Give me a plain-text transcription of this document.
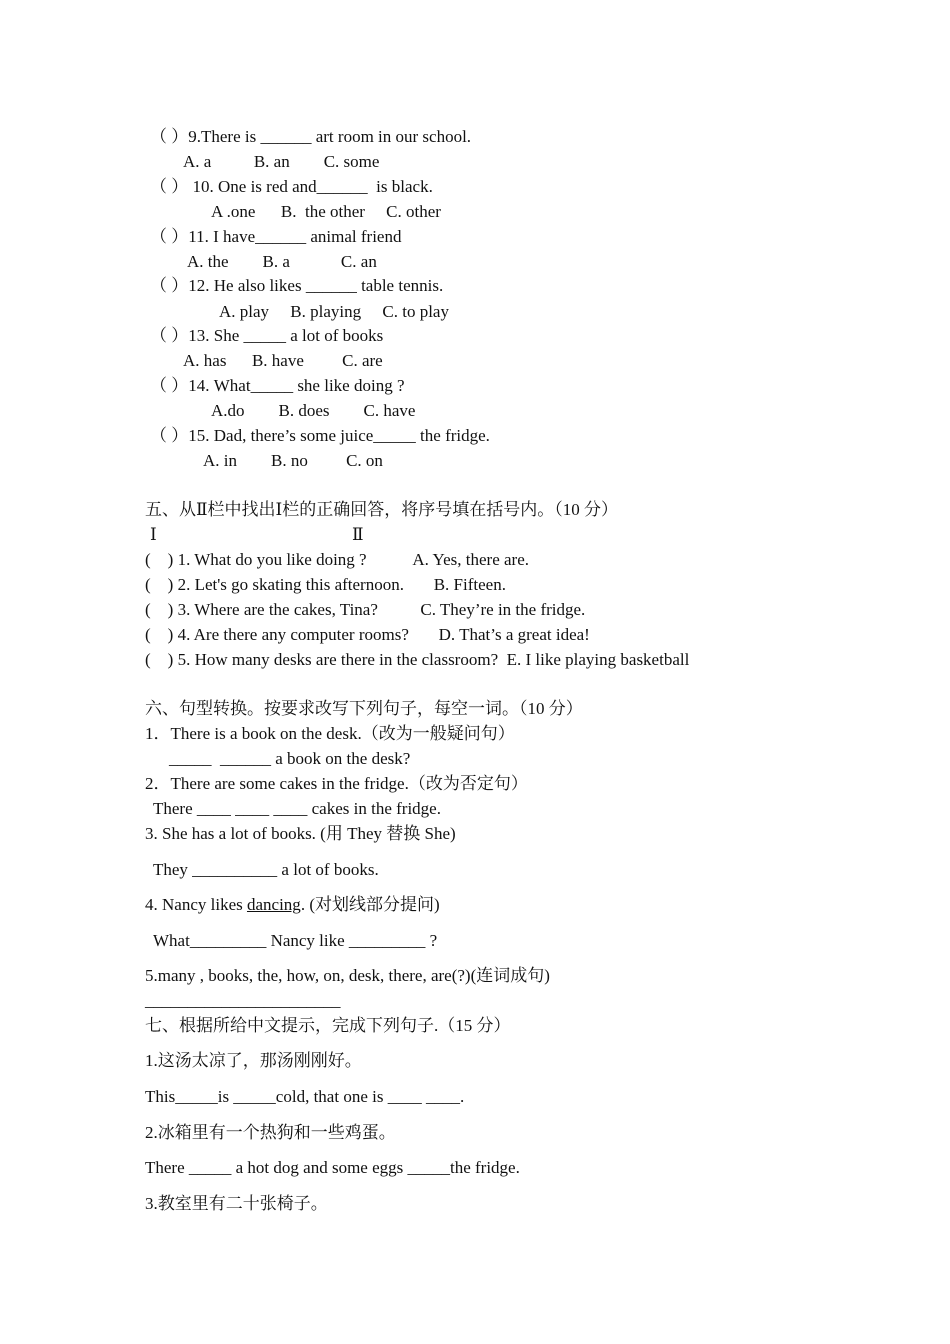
（ ）9.There is ______ art room in our school.
A. a          B. an        C. some
（ ） 10. One is red and______  is black.
A .one      B.  the other     C. other
（ ）11. I have______ animal friend
A. the        B. a            C. an
（ ）12. He also likes ______ table tennis.
A. play     B. playing     C. to play
（ ）13. She _____ a lot of books
A. has      B. have         C. are
（ ）14. What_____ she like doing ?
A.do        B. does        C. have
（ ）15. Dad, there’s some juice_____ the fridge.
A. in        B. no         C. on
五、从Ⅱ栏中找出Ⅰ栏的正确回答，将序号填在括号内。（10 分）
Ⅰ	Ⅱ
(    ) 1. What do you like doing ?           A. Yes, there are.
(    ) 2. Let's go skating this afternoon.       B. Fifteen.
(    ) 3. Where are the cakes, Tina?          C. They’re in the fridge.
(    ) 4. Are there any computer rooms?       D. That’s a great idea!
(    ) 5. How many desks are there in the classroom?  E. I like playing basketball
六、句型转换。按要求改写下列句子，每空一词。（10 分）
1．There is a book on the desk.（改为一般疑问句）
_____  ______ a book on the desk?
2．There are some cakes in the fridge.（改为否定句）
There ____ ____ ____ cakes in the fridge.
3. She has a lot of books. (用 They 替换 She)
They __________ a lot of books.
What_________ Nancy like _________ ?
5.many , books, the, how, on, desk, there, are(?)(连词成句)
_______________________
七、根据所给中文提示，完成下列句子.（15 分）
1.这汤太凉了，那汤刚刚好。
This_____is _____cold, that one is ____ ____.
2.冰箱里有一个热狗和一些鸡蛋。
There _____ a hot dog and some eggs _____the fridge.
3.教室里有二十张椅子。
4. Nancy likes dancing. (对划线部分提问)
